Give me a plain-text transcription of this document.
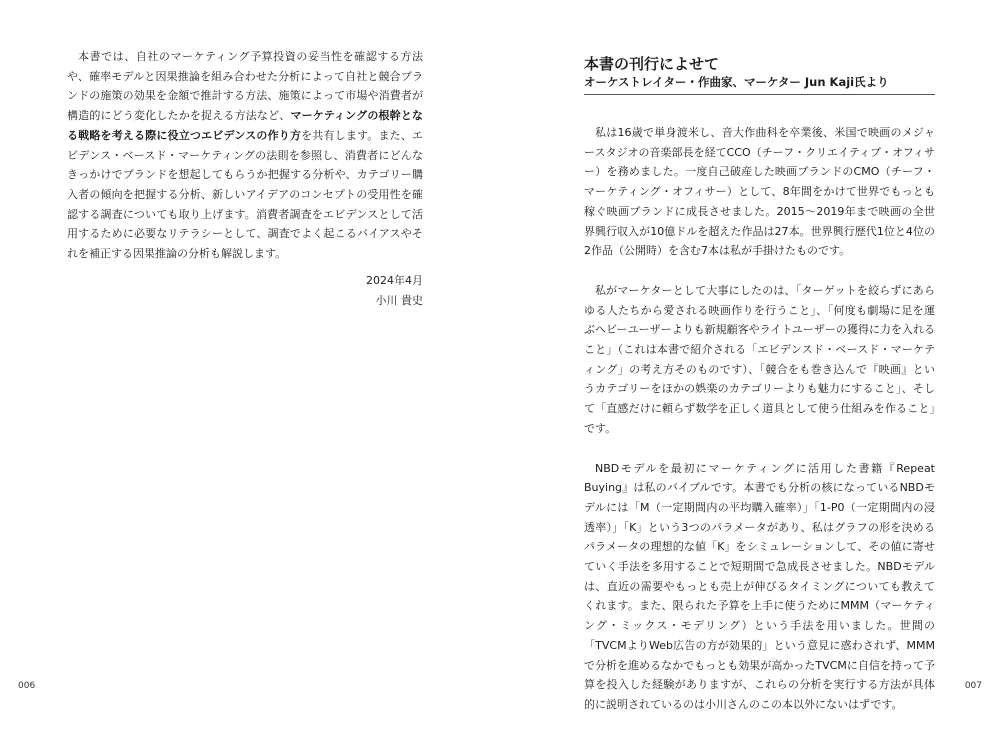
本書では、自社のマーケティング予算投資の妥当性を確認する方法や、確率モデルと因果推論を組み合わせた分析によって自社と競合ブランドの施策の効果を金額で推計する方法、施策によって市場や消費者が構造的にどう変化したかを捉える方法など、マーケティングの根幹となる戦略を考える際に役立つエビデンスの作り方を共有します。また、エビデンス・ベースド・マーケティングの法則を参照し、消費者にどんなきっかけでブランドを想起してもらうか把握する分析や、カテゴリー購入者の傾向を把握する分析、新しいアイデアのコンセプトの受用性を確認する調査についても取り上げます。消費者調査をエビデンスとして活用するために必要なリテラシーとして、調査でよく起こるバイアスやそれを補正する因果推論の分析も解説します。

2024年4月
小川 貴史
006
本書の刊行によせて
オーケストレイター・作曲家、マーケター Jun Kaji氏より

私は16歳で単身渡米し、音大作曲科を卒業後、米国で映画のメジャースタジオの音楽部長を経てCCO（チーフ・クリエイティブ・オフィサー）を務めました。一度自己破産した映画ブランドのCMO（チーフ・マーケティング・オフィサー）として、8年間をかけて世界でもっとも稼ぐ映画ブランドに成長させました。2015〜2019年まで映画の全世界興行収入が10億ドルを超えた作品は27本。世界興行歴代1位と4位の2作品（公開時）を含む7本は私が手掛けたものです。

私がマーケターとして大事にしたのは、「ターゲットを絞らずにあらゆる人たちから愛される映画作りを行うこと」、「何度も劇場に足を運ぶヘビーユーザーよりも新規顧客やライトユーザーの獲得に力を入れること」（これは本書で紹介される「エビデンスド・ベースド・マーケティング」の考え方そのものです）、「競合をも巻き込んで『映画』というカテゴリーをほかの娯楽のカテゴリーよりも魅力にすること」、そして「直感だけに頼らず数学を正しく道具として使う仕組みを作ること」です。

NBDモデルを最初にマーケティングに活用した書籍『Repeat Buying』は私のバイブルです。本書でも分析の核になっているNBDモデルには「M（一定期間内の平均購入確率）」「1-P0（一定期間内の浸透率）」「K」という3つのパラメータがあり、私はグラフの形を決めるパラメータの理想的な値「K」をシミュレーションして、その値に寄せていく手法を多用することで短期間で急成長させました。NBDモデルは、直近の需要やもっとも売上が伸びるタイミングについても教えてくれます。また、限られた予算を上手に使うためにMMM（マーケティング・ミックス・モデリング）という手法を用いました。世間の「TVCMよりWeb広告の方が効果的」という意見に惑わされず、MMMで分析を進めるなかでもっとも効果が高かったTVCMに自信を持って予算を投入した経験がありますが、これらの分析を実行する方法が具体的に説明されているのは小川さんのこの本以外にないはずです。

007
